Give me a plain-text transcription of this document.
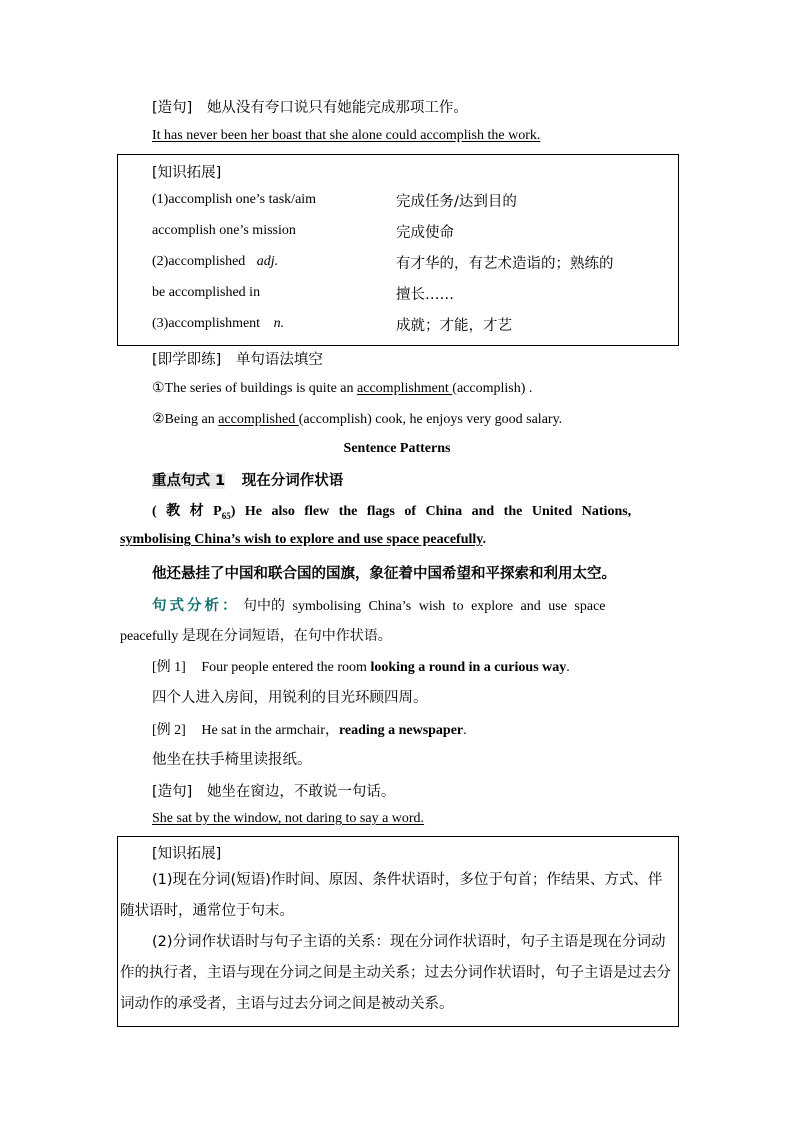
[造句] 她从没有夸口说只有她能完成那项工作。
It has never been her boast that she alone could accomplish the work.
[知识拓展]
(1)accomplish one’s task/aim	完成任务/达到目的
accomplish one’s mission	完成使命
(2)accomplished adj.	有才华的，有艺术造诣的；熟练的
be accomplished in	擅长……
(3)accomplishment n.	成就；才能，才艺
[即学即练] 单句语法填空
①The series of buildings is quite an accomplishment (accomplish) .
②Being an accomplished (accomplish) cook, he enjoys very good salary.
Sentence Patterns
重点句式 1 现在分词作状语
( 教 材 $P_{65}$) He also flew the flags of China and the United Nations,
symbolising China’s wish to explore and use space peacefully.
他还悬挂了中国和联合国的国旗，象征着中国希望和平探索和利用太空。
句式分析： 句中的 symbolising China’s wish to explore and use space
peacefully 是现在分词短语，在句中作状语。
[例 1] Four people entered the room looking a round in a curious way.
四个人进入房间，用锐利的目光环顾四周。
[例 2] He sat in the armchair，reading a newspaper.
他坐在扶手椅里读报纸。
[造句] 她坐在窗边，不敢说一句话。
She sat by the window, not daring to say a word.
[知识拓展]
(1)现在分词(短语)作时间、原因、条件状语时，多位于句首；作结果、方式、伴随状语时，通常位于句末。
(2)分词作状语时与句子主语的关系：现在分词作状语时，句子主语是现在分词动作的执行者，主语与现在分词之间是主动关系；过去分词作状语时，句子主语是过去分词动作的承受者，主语与过去分词之间是被动关系。
